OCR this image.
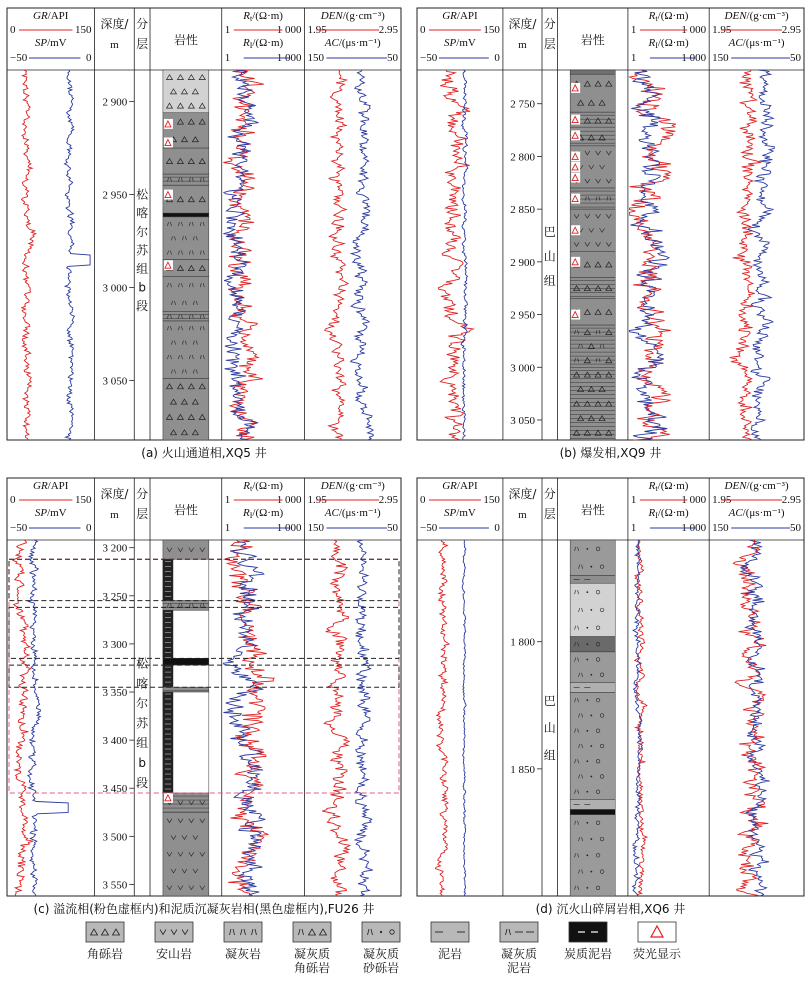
GR/API
0	150
SP/mV
−50	0
深度/
m
分
层 岩性
Rt/(Ω·m)
1	1 000
RI/(Ω·m)
1	1 000
DEN/(g·cm⁻³)
1.95	2.95
AC/(μs·m⁻¹)
150	50
2 900
2 950
3 000
3 050
松
喀
尔
苏
组
b
段
(a) 火山通道相,XQ5 井
GR/API
0	150
SP/mV
−50	0
深度/
m
分
层 岩性
Rt/(Ω·m)
1	1 000
RI/(Ω·m)
1	1 000
DEN/(g·cm⁻³)
1.95	2.95
AC/(μs·m⁻¹)
150	50
2 750
2 800
2 850
2 900
2 950
3 000
3 050
巴
山
组
(b) 爆发相,XQ9 井
GR/API
0	150
SP/mV
−50	0
深度/
m
分
层 岩性
Rt/(Ω·m)
1	1 000
RI/(Ω·m)
1	1 000
DEN/(g·cm⁻³)
1.95	2.95
AC/(μs·m⁻¹)
150	50
3 200
3 250
3 300
3 350
3 400
3 450
3 500
3 550
松
喀
尔
苏
组
b
段
(c) 溢流相(粉色虚框内)和泥质沉凝灰岩相(黑色虚框内),FU26 井
GR/API
0	150
SP/mV
−50	0
深度/
m
分
层 岩性
Rt/(Ω·m)
1	1 000
RI/(Ω·m)
1	1 000
DEN/(g·cm⁻³)
1.95	2.95
AC/(μs·m⁻¹)
150	50
1 800
1 850
巴
山
组
(d) 沉火山碎屑岩相,XQ6 井
角砾岩	安山岩	凝灰岩	凝灰质
角砾岩
凝灰质
砂砾岩
泥岩	凝灰质
泥岩
炭质泥岩 荧光显示
